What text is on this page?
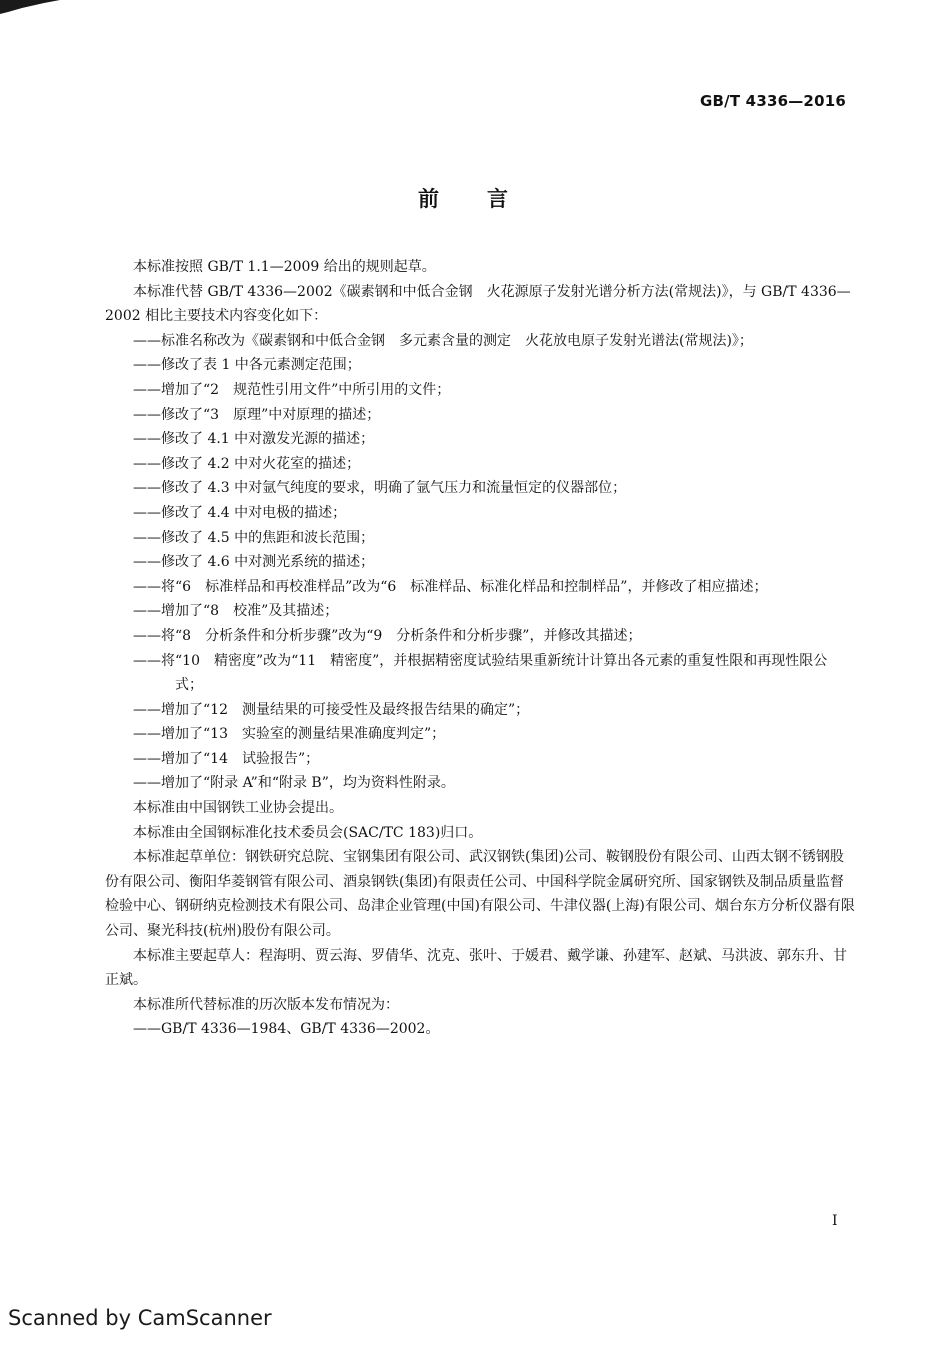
GB/T 4336—2016
前言

本标准按照 GB/T 1.1—2009 给出的规则起草。

本标准代替 GB/T 4336—2002《碳素钢和中低合金钢　火花源原子发射光谱分析方法(常规法)》，与 GB/T 4336—2002 相比主要技术内容变化如下：

——标准名称改为《碳素钢和中低合金钢　多元素含量的测定　火花放电原子发射光谱法(常规法)》；

——修改了表 1 中各元素测定范围；

——增加了“2　规范性引用文件”中所引用的文件；

——修改了“3　原理”中对原理的描述；

——修改了 4.1 中对激发光源的描述；

——修改了 4.2 中对火花室的描述；

——修改了 4.3 中对氩气纯度的要求，明确了氩气压力和流量恒定的仪器部位；

——修改了 4.4 中对电极的描述；

——修改了 4.5 中的焦距和波长范围；

——修改了 4.6 中对测光系统的描述；

——将“6　标准样品和再校准样品”改为“6　标准样品、标准化样品和控制样品”，并修改了相应描述；

——增加了“8　校准”及其描述；

——将“8　分析条件和分析步骤”改为“9　分析条件和分析步骤”，并修改其描述；

——将“10　精密度”改为“11　精密度”，并根据精密度试验结果重新统计计算出各元素的重复性限和再现性限公式；

——增加了“12　测量结果的可接受性及最终报告结果的确定”；

——增加了“13　实验室的测量结果准确度判定”；

——增加了“14　试验报告”；

——增加了“附录 A”和“附录 B”，均为资料性附录。

本标准由中国钢铁工业协会提出。

本标准由全国钢标准化技术委员会(SAC/TC 183)归口。

本标准起草单位：钢铁研究总院、宝钢集团有限公司、武汉钢铁(集团)公司、鞍钢股份有限公司、山西太钢不锈钢股份有限公司、衡阳华菱钢管有限公司、酒泉钢铁(集团)有限责任公司、中国科学院金属研究所、国家钢铁及制品质量监督检验中心、钢研纳克检测技术有限公司、岛津企业管理(中国)有限公司、牛津仪器(上海)有限公司、烟台东方分析仪器有限公司、聚光科技(杭州)股份有限公司。

本标准主要起草人：程海明、贾云海、罗倩华、沈克、张叶、于媛君、戴学谦、孙建军、赵斌、马洪波、郭东升、甘正斌。

本标准所代替标准的历次版本发布情况为：

——GB/T 4336—1984、GB/T 4336—2002。

I
Scanned by CamScanner
